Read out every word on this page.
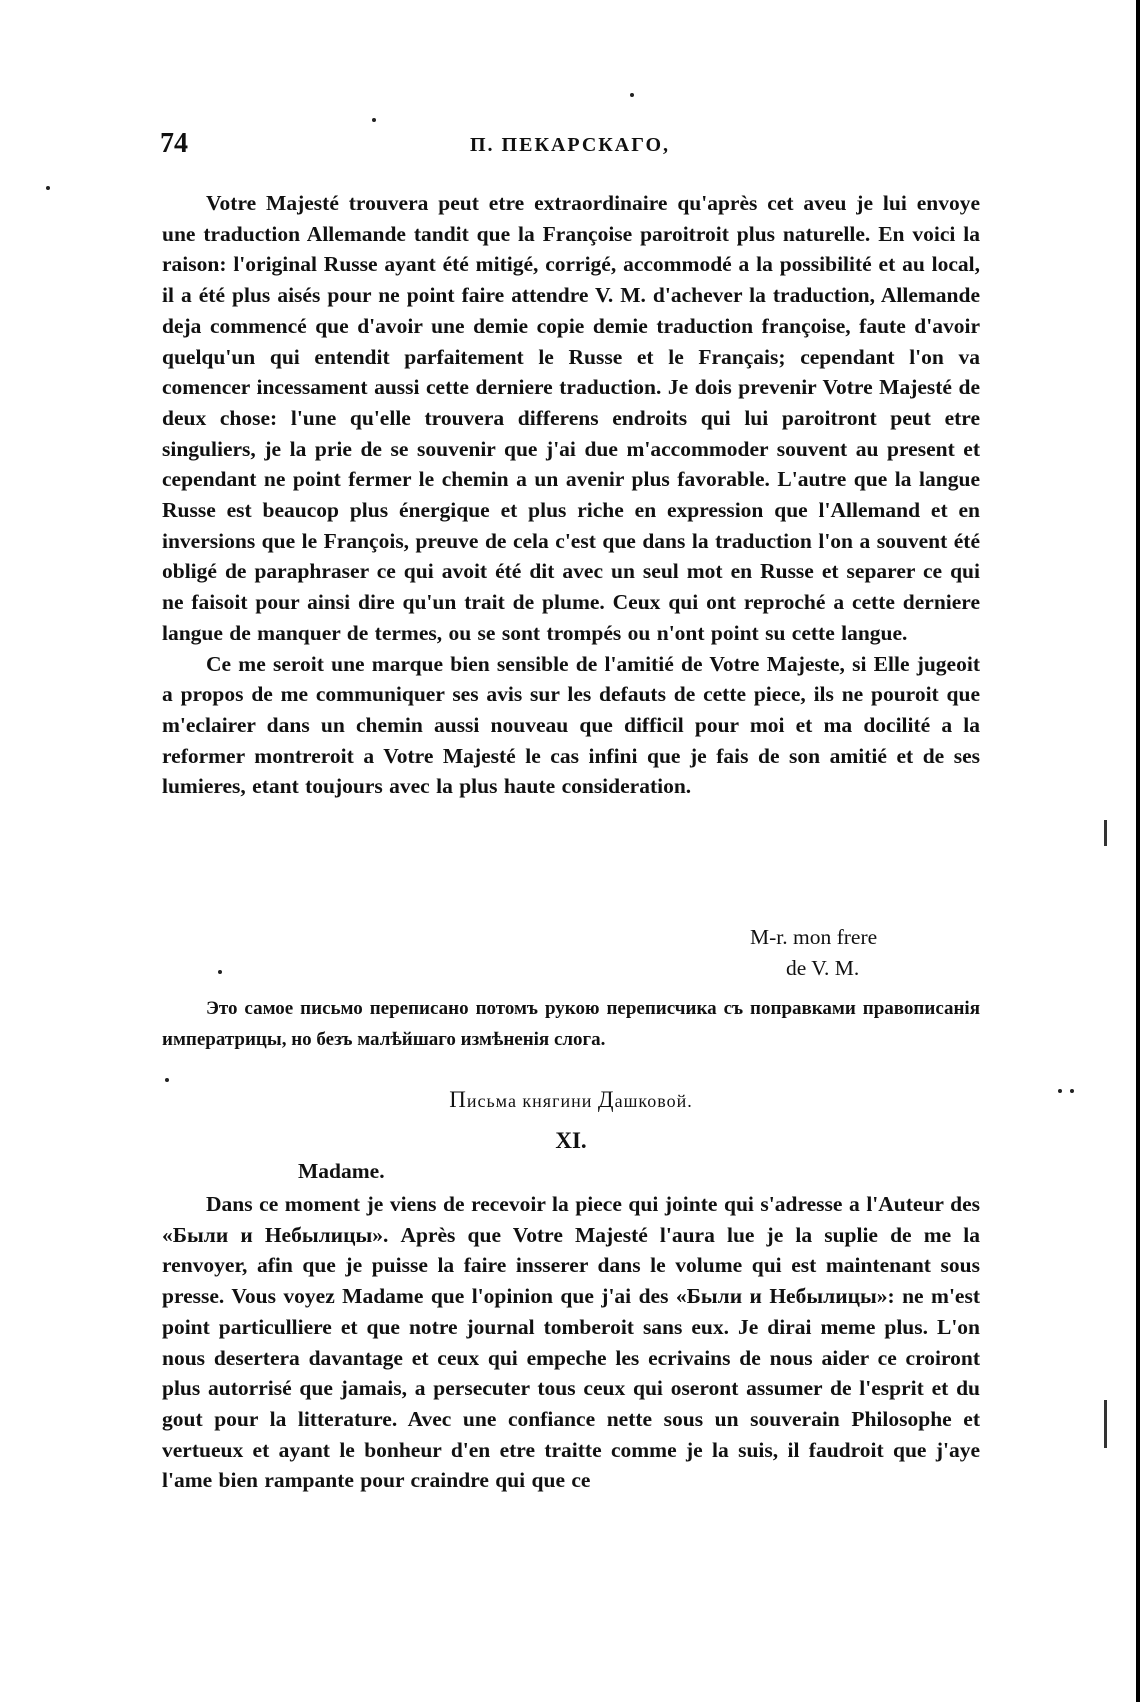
74	П. ПЕКАРСКАГО,

Votre Majesté trouvera peut etre extraordinaire qu'après cet aveu je lui envoye une traduction Allemande tandit que la Françoise paroitroit plus naturelle. En voici la raison: l'original Russe ayant été mitigé, corrigé, accommodé a la possibilité et au local, il a été plus aisés pour ne point faire attendre V. M. d'achever la traduction, Allemande deja commencé que d'avoir une demie copie demie traduction françoise, faute d'avoir quelqu'un qui entendit parfaitement le Russe et le Français; cependant l'on va comencer incessament aussi cette derniere traduction. Je dois prevenir Votre Majesté de deux chose: l'une qu'elle trouvera differens endroits qui lui paroitront peut etre singuliers, je la prie de se souvenir que j'ai due m'accommoder souvent au present et cependant ne point fermer le chemin a un avenir plus favorable. L'autre que la langue Russe est beaucop plus énergique et plus riche en expression que l'Allemand et en inversions que le François, preuve de cela c'est que dans la traduction l'on a souvent été obligé de paraphraser ce qui avoit été dit avec un seul mot en Russe et separer ce qui ne faisoit pour ainsi dire qu'un trait de plume. Ceux qui ont reproché a cette derniere langue de manquer de termes, ou se sont trompés ou n'ont point su cette langue.

Ce me seroit une marque bien sensible de l'amitié de Votre Majeste, si Elle jugeoit a propos de me communiquer ses avis sur les defauts de cette piece, ils ne pouroit que m'eclairer dans un chemin aussi nouveau que difficil pour moi et ma docilité a la reformer montreroit a Votre Majesté le cas infini que je fais de son amitié et de ses lumieres, etant toujours avec la plus haute consideration.

M-r. mon frere
de V. M.
Это самое письмо переписано потомъ рукою переписчика съ поправками правописанія императрицы, но безъ малѣйшаго измѣненія слога.
Письма княгини Дашковой.
XI.
Madame.

Dans ce moment je viens de recevoir la piece qui jointe qui s'adresse a l'Auteur des «Были и Небылицы». Après que Votre Majesté l'aura lue je la suplie de me la renvoyer, afin que je puisse la faire insserer dans le volume qui est maintenant sous presse. Vous voyez Madame que l'opinion que j'ai des «Были и Небылицы»: ne m'est point particulliere et que notre journal tomberoit sans eux. Je dirai meme plus. L'on nous desertera davantage et ceux qui empeche les ecrivains de nous aider ce croiront plus autorrisé que jamais, a persecuter tous ceux qui oseront assumer de l'esprit et du gout pour la litterature. Avec une confiance nette sous un souverain Philosophe et vertueux et ayant le bonheur d'en etre traitte comme je la suis, il faudroit que j'aye l'ame bien rampante pour craindre qui que ce
